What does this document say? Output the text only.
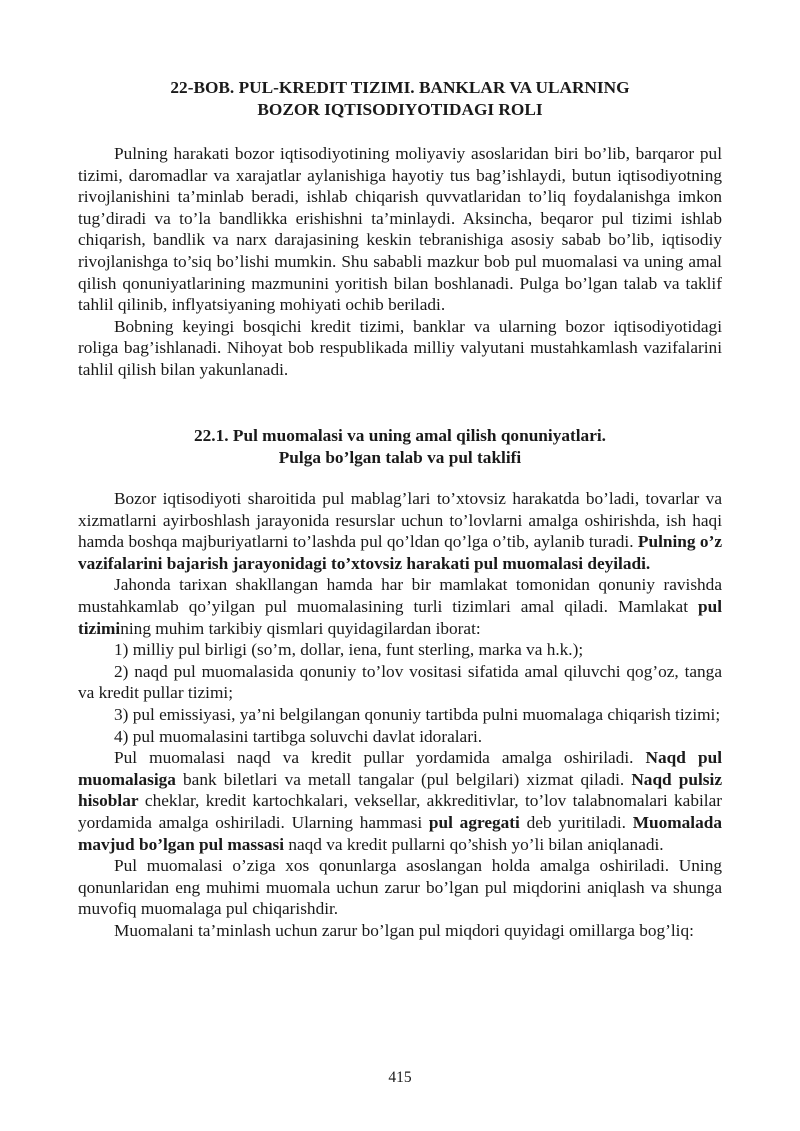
22-BOB. PUL-KREDIT TIZIMI. BANKLAR VA ULARNING
BOZOR IQTISODIYOTIDAGI ROLI

Pulning harakati bozor iqtisodiyotining moliyaviy asoslaridan biri bo’lib, barqaror pul tizimi, daromadlar va xarajatlar aylanishiga hayotiy tus bag’ishlaydi, butun iqtisodiyotning rivojlanishini ta’minlab beradi, ishlab chiqarish quvvatlaridan to’liq foydalanishga imkon tug’diradi va to’la bandlikka erishishni ta’minlaydi. Aksincha, beqaror pul tizimi ishlab chiqarish, bandlik va narx darajasining keskin tebranishiga asosiy sabab bo’lib, iqtisodiy rivojlanishga to’siq bo’lishi mumkin. Shu sababli mazkur bob pul muomalasi va uning amal qilish qonuniyatlarining mazmunini yoritish bilan boshlanadi. Pulga bo’lgan talab va taklif tahlil qilinib, inflyatsiyaning mohiyati ochib beriladi.

Bobning keyingi bosqichi kredit tizimi, banklar va ularning bozor iqtisodiyotidagi roliga bag’ishlanadi. Nihoyat bob respublikada milliy valyutani mustahkamlash vazifalarini tahlil qilish bilan yakunlanadi.

22.1. Pul muomalasi va uning amal qilish qonuniyatlari.
Pulga bo’lgan talab va pul taklifi

Bozor iqtisodiyoti sharoitida pul mablag’lari to’xtovsiz harakatda bo’ladi, tovarlar va xizmatlarni ayirboshlash jarayonida resurslar uchun to’lovlarni amalga oshirishda, ish haqi hamda boshqa majburiyatlarni to’lashda pul qo’ldan qo’lga o’tib, aylanib turadi. Pulning o’z vazifalarini bajarish jarayonidagi to’xtovsiz harakati pul muomalasi deyiladi.

Jahonda tarixan shakllangan hamda har bir mamlakat tomonidan qonuniy ravishda mustahkamlab qo’yilgan pul muomalasining turli tizimlari amal qiladi. Mamlakat pul tizimining muhim tarkibiy qismlari quyidagilardan iborat:

1) milliy pul birligi (so’m, dollar, iena, funt sterling, marka va h.k.);

2) naqd pul muomalasida qonuniy to’lov vositasi sifatida amal qiluvchi qog’oz, tanga va kredit pullar tizimi;

3) pul emissiyasi, ya’ni belgilangan qonuniy tartibda pulni muomalaga chiqarish tizimi;

4) pul muomalasini tartibga soluvchi davlat idoralari.

Pul muomalasi naqd va kredit pullar yordamida amalga oshiriladi. Naqd pul muomalasiga bank biletlari va metall tangalar (pul belgilari) xizmat qiladi. Naqd pulsiz hisoblar cheklar, kredit kartochkalari, veksellar, akkreditivlar, to’lov talabnomalari kabilar yordamida amalga oshiriladi. Ularning hammasi pul agregati deb yuritiladi. Muomalada mavjud bo’lgan pul massasi naqd va kredit pullarni qo’shish yo’li bilan aniqlanadi.

Pul muomalasi o’ziga xos qonunlarga asoslangan holda amalga oshiriladi. Uning qonunlaridan eng muhimi muomala uchun zarur bo’lgan pul miqdorini aniqlash va shunga muvofiq muomalaga pul chiqarishdir.

Muomalani ta’minlash uchun zarur bo’lgan pul miqdori quyidagi omillarga bog’liq:

415
